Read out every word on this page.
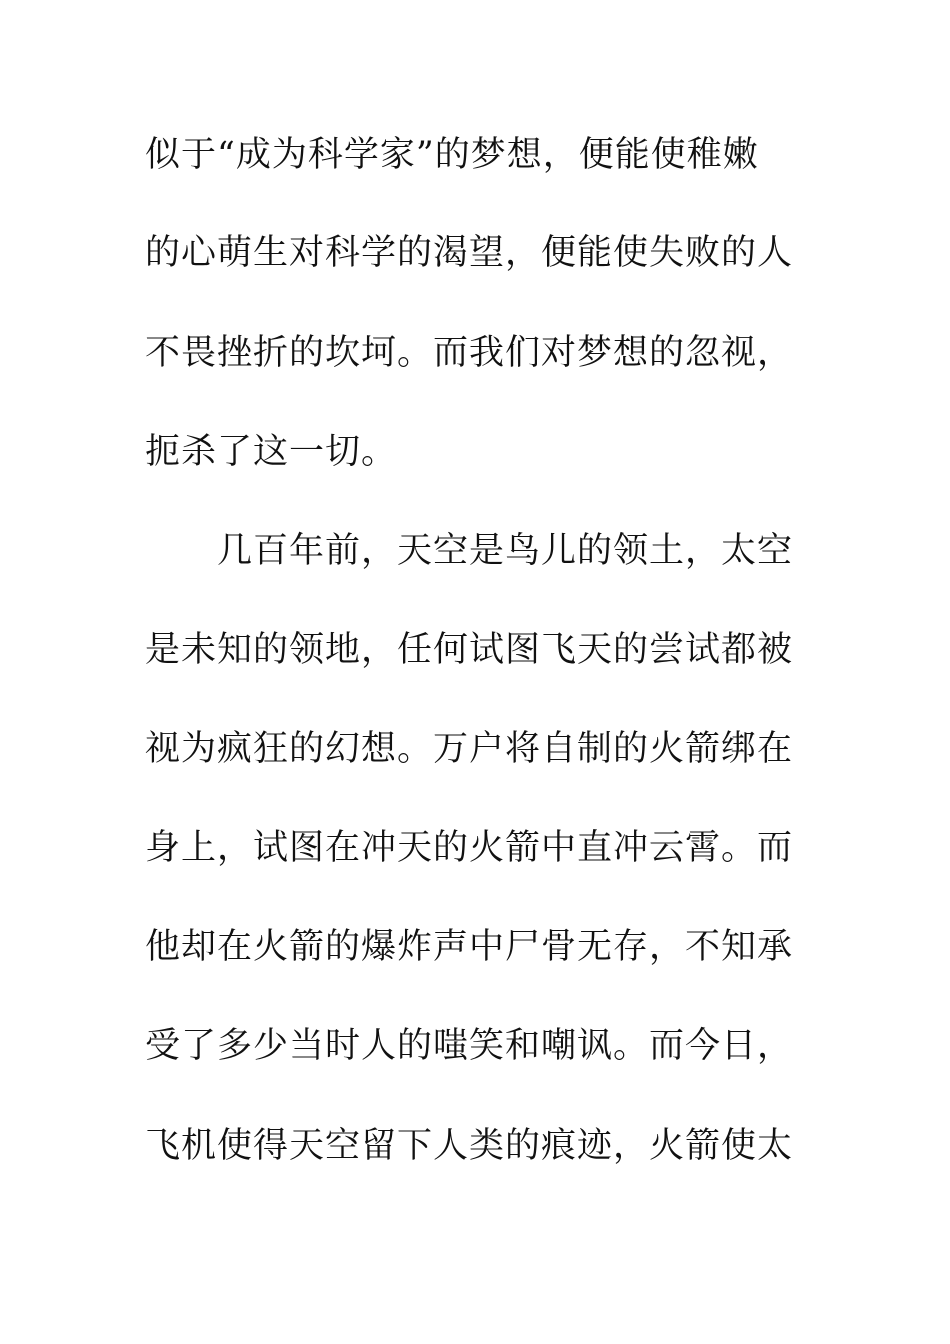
似于“成为科学家”的梦想，便能使稚嫩
的心萌生对科学的渴望，便能使失败的人
不畏挫折的坎坷。而我们对梦想的忽视，
扼杀了这一切。
　　几百年前，天空是鸟儿的领土，太空
是未知的领地，任何试图飞天的尝试都被
视为疯狂的幻想。万户将自制的火箭绑在
身上，试图在冲天的火箭中直冲云霄。而
他却在火箭的爆炸声中尸骨无存，不知承
受了多少当时人的嗤笑和嘲讽。而今日，
飞机使得天空留下人类的痕迹，火箭使太
